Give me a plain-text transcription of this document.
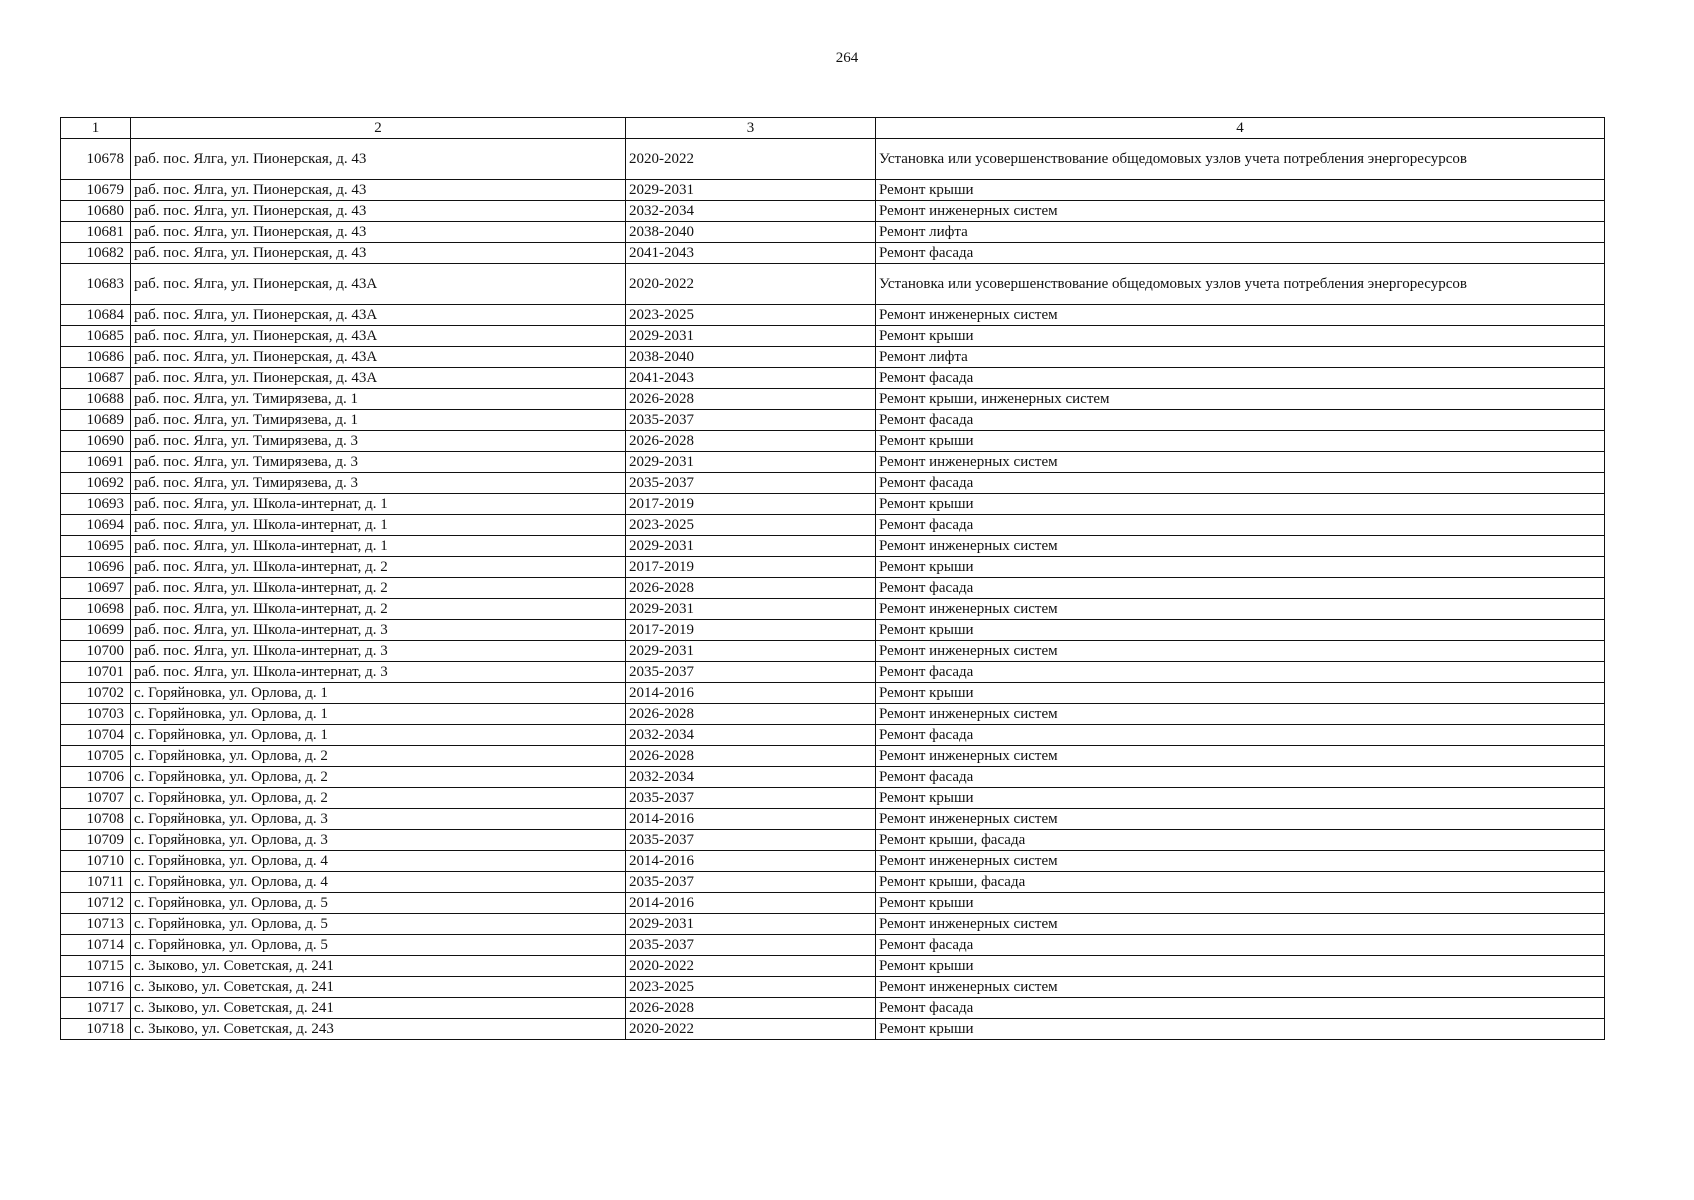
264
1	2	3	4
10678	раб. пос. Ялга, ул. Пионерская, д. 43	2020-2022	Установка или усовершенствование общедомовых узлов учета потребления энергоресурсов
10679	раб. пос. Ялга, ул. Пионерская, д. 43	2029-2031	Ремонт крыши
10680	раб. пос. Ялга, ул. Пионерская, д. 43	2032-2034	Ремонт инженерных систем
10681	раб. пос. Ялга, ул. Пионерская, д. 43	2038-2040	Ремонт лифта
10682	раб. пос. Ялга, ул. Пионерская, д. 43	2041-2043	Ремонт фасада
10683	раб. пос. Ялга, ул. Пионерская, д. 43А	2020-2022	Установка или усовершенствование общедомовых узлов учета потребления энергоресурсов
10684	раб. пос. Ялга, ул. Пионерская, д. 43А	2023-2025	Ремонт инженерных систем
10685	раб. пос. Ялга, ул. Пионерская, д. 43А	2029-2031	Ремонт крыши
10686	раб. пос. Ялга, ул. Пионерская, д. 43А	2038-2040	Ремонт лифта
10687	раб. пос. Ялга, ул. Пионерская, д. 43А	2041-2043	Ремонт фасада
10688	раб. пос. Ялга, ул. Тимирязева, д. 1	2026-2028	Ремонт крыши, инженерных систем
10689	раб. пос. Ялга, ул. Тимирязева, д. 1	2035-2037	Ремонт фасада
10690	раб. пос. Ялга, ул. Тимирязева, д. 3	2026-2028	Ремонт крыши
10691	раб. пос. Ялга, ул. Тимирязева, д. 3	2029-2031	Ремонт инженерных систем
10692	раб. пос. Ялга, ул. Тимирязева, д. 3	2035-2037	Ремонт фасада
10693	раб. пос. Ялга, ул. Школа-интернат, д. 1	2017-2019	Ремонт крыши
10694	раб. пос. Ялга, ул. Школа-интернат, д. 1	2023-2025	Ремонт фасада
10695	раб. пос. Ялга, ул. Школа-интернат, д. 1	2029-2031	Ремонт инженерных систем
10696	раб. пос. Ялга, ул. Школа-интернат, д. 2	2017-2019	Ремонт крыши
10697	раб. пос. Ялга, ул. Школа-интернат, д. 2	2026-2028	Ремонт фасада
10698	раб. пос. Ялга, ул. Школа-интернат, д. 2	2029-2031	Ремонт инженерных систем
10699	раб. пос. Ялга, ул. Школа-интернат, д. 3	2017-2019	Ремонт крыши
10700	раб. пос. Ялга, ул. Школа-интернат, д. 3	2029-2031	Ремонт инженерных систем
10701	раб. пос. Ялга, ул. Школа-интернат, д. 3	2035-2037	Ремонт фасада
10702	с. Горяйновка, ул. Орлова, д. 1	2014-2016	Ремонт крыши
10703	с. Горяйновка, ул. Орлова, д. 1	2026-2028	Ремонт инженерных систем
10704	с. Горяйновка, ул. Орлова, д. 1	2032-2034	Ремонт фасада
10705	с. Горяйновка, ул. Орлова, д. 2	2026-2028	Ремонт инженерных систем
10706	с. Горяйновка, ул. Орлова, д. 2	2032-2034	Ремонт фасада
10707	с. Горяйновка, ул. Орлова, д. 2	2035-2037	Ремонт крыши
10708	с. Горяйновка, ул. Орлова, д. 3	2014-2016	Ремонт инженерных систем
10709	с. Горяйновка, ул. Орлова, д. 3	2035-2037	Ремонт крыши, фасада
10710	с. Горяйновка, ул. Орлова, д. 4	2014-2016	Ремонт инженерных систем
10711	с. Горяйновка, ул. Орлова, д. 4	2035-2037	Ремонт крыши, фасада
10712	с. Горяйновка, ул. Орлова, д. 5	2014-2016	Ремонт крыши
10713	с. Горяйновка, ул. Орлова, д. 5	2029-2031	Ремонт инженерных систем
10714	с. Горяйновка, ул. Орлова, д. 5	2035-2037	Ремонт фасада
10715	с. Зыково, ул. Советская, д. 241	2020-2022	Ремонт крыши
10716	с. Зыково, ул. Советская, д. 241	2023-2025	Ремонт инженерных систем
10717	с. Зыково, ул. Советская, д. 241	2026-2028	Ремонт фасада
10718	с. Зыково, ул. Советская, д. 243	2020-2022	Ремонт крыши
